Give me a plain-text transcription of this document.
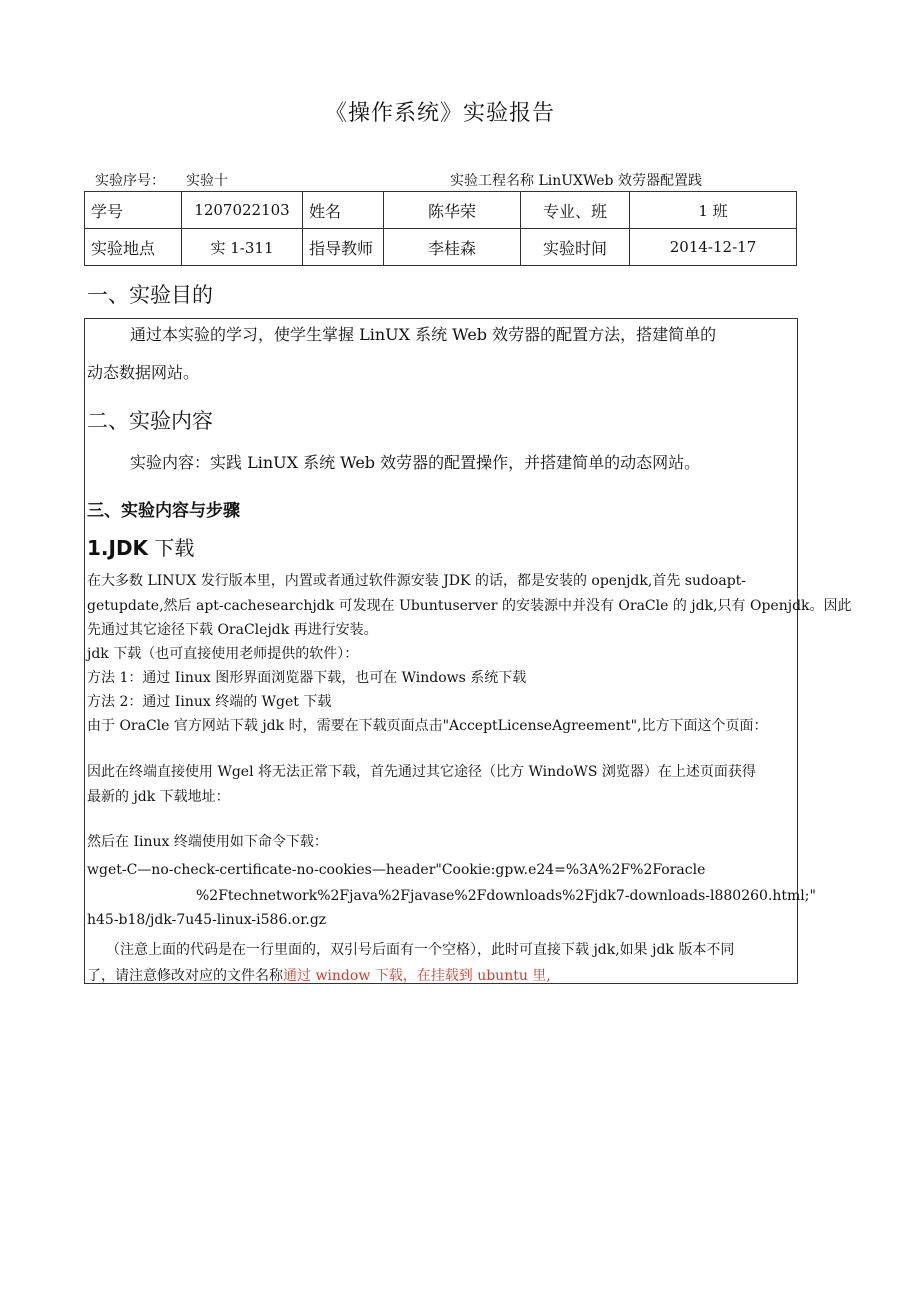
《操作系统》实验报告
实验序号： 实验十	实验工程名称 LinUXWeb 效劳器配置践
学号	1207022103	姓名	陈华荣	专业、班	1 班
实验地点	实 1-311	指导教师	李桂森	实验时间	2014-12-17
一、实验目的
通过本实验的学习，使学生掌握 LinUX 系统 Web 效劳器的配置方法，搭建简单的
动态数据网站。
二、实验内容
实验内容：实践 LinUX 系统 Web 效劳器的配置操作，并搭建简单的动态网站。
三、实验内容与步骤
1.JDK 下载
在大多数 LINUX 发行版本里，内置或者通过软件源安装 JDK 的话，都是安装的 openjdk,首先 sudoapt-
getupdate,然后 apt-cachesearchjdk 可发现在 Ubuntuserver 的安装源中并没有 OraCle 的 jdk,只有 Openjdk。因此
先通过其它途径下载 OraClejdk 再进行安装。
jdk 下载（也可直接使用老师提供的软件）：
方法 1：通过 Iinux 图形界面浏览器下载，也可在 Windows 系统下载
方法 2：通过 Iinux 终端的 Wget 下载
由于 OraCle 官方网站下载 jdk 时，需要在下载页面点击"AcceptLicenseAgreement",比方下面这个页面：
因此在终端直接使用 Wgel 将无法正常下载，首先通过其它途径（比方 WindoWS 浏览器）在上述页面获得
最新的 jdk 下载地址：
然后在 Iinux 终端使用如下命令下载：
wget-C—no-check-certificate-no-cookies—header"Cookie:gpw.e24=%3A%2F%2Foracle
%2Ftechnetwork%2Fjava%2Fjavase%2Fdownloads%2Fjdk7-downloads-l880260.html;"
h45-b18/jdk-7u45-linux-i586.or.gz
（注意上面的代码是在一行里面的，双引号后面有一个空格），此时可直接下载 jdk,如果 jdk 版本不同
了，请注意修改对应的文件名称通过 window 下载，在挂载到 ubuntu 里,
